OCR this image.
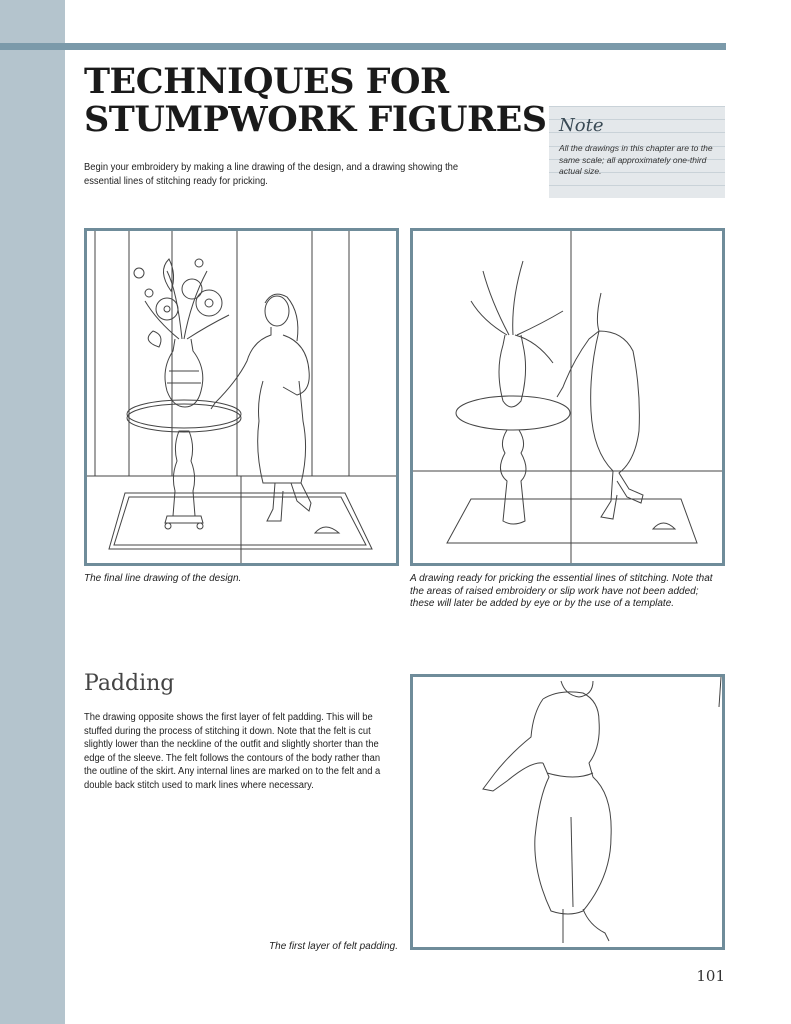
TECHNIQUES FOR
STUMPWORK FIGURES

Begin your embroidery by making a line drawing of the design, and a drawing showing the essential lines of stitching ready for pricking.

Note

All the drawings in this chapter are to the same scale; all approximately one-third actual size.

The final line drawing of the design.	A drawing ready for pricking the essential lines of stitching. Note that the areas of raised embroidery or slip work have not been added; these will later be added by eye or by the use of a template.

Padding

The drawing opposite shows the first layer of felt padding. This will be stuffed during the process of stitching it down. Note that the felt is cut slightly lower than the neckline of the outfit and slightly shorter than the edge of the sleeve. The felt follows the contours of the body rather than the outline of the skirt. Any internal lines are marked on to the felt and a double back stitch used to mark lines where necessary.

The first layer of felt padding.

101
